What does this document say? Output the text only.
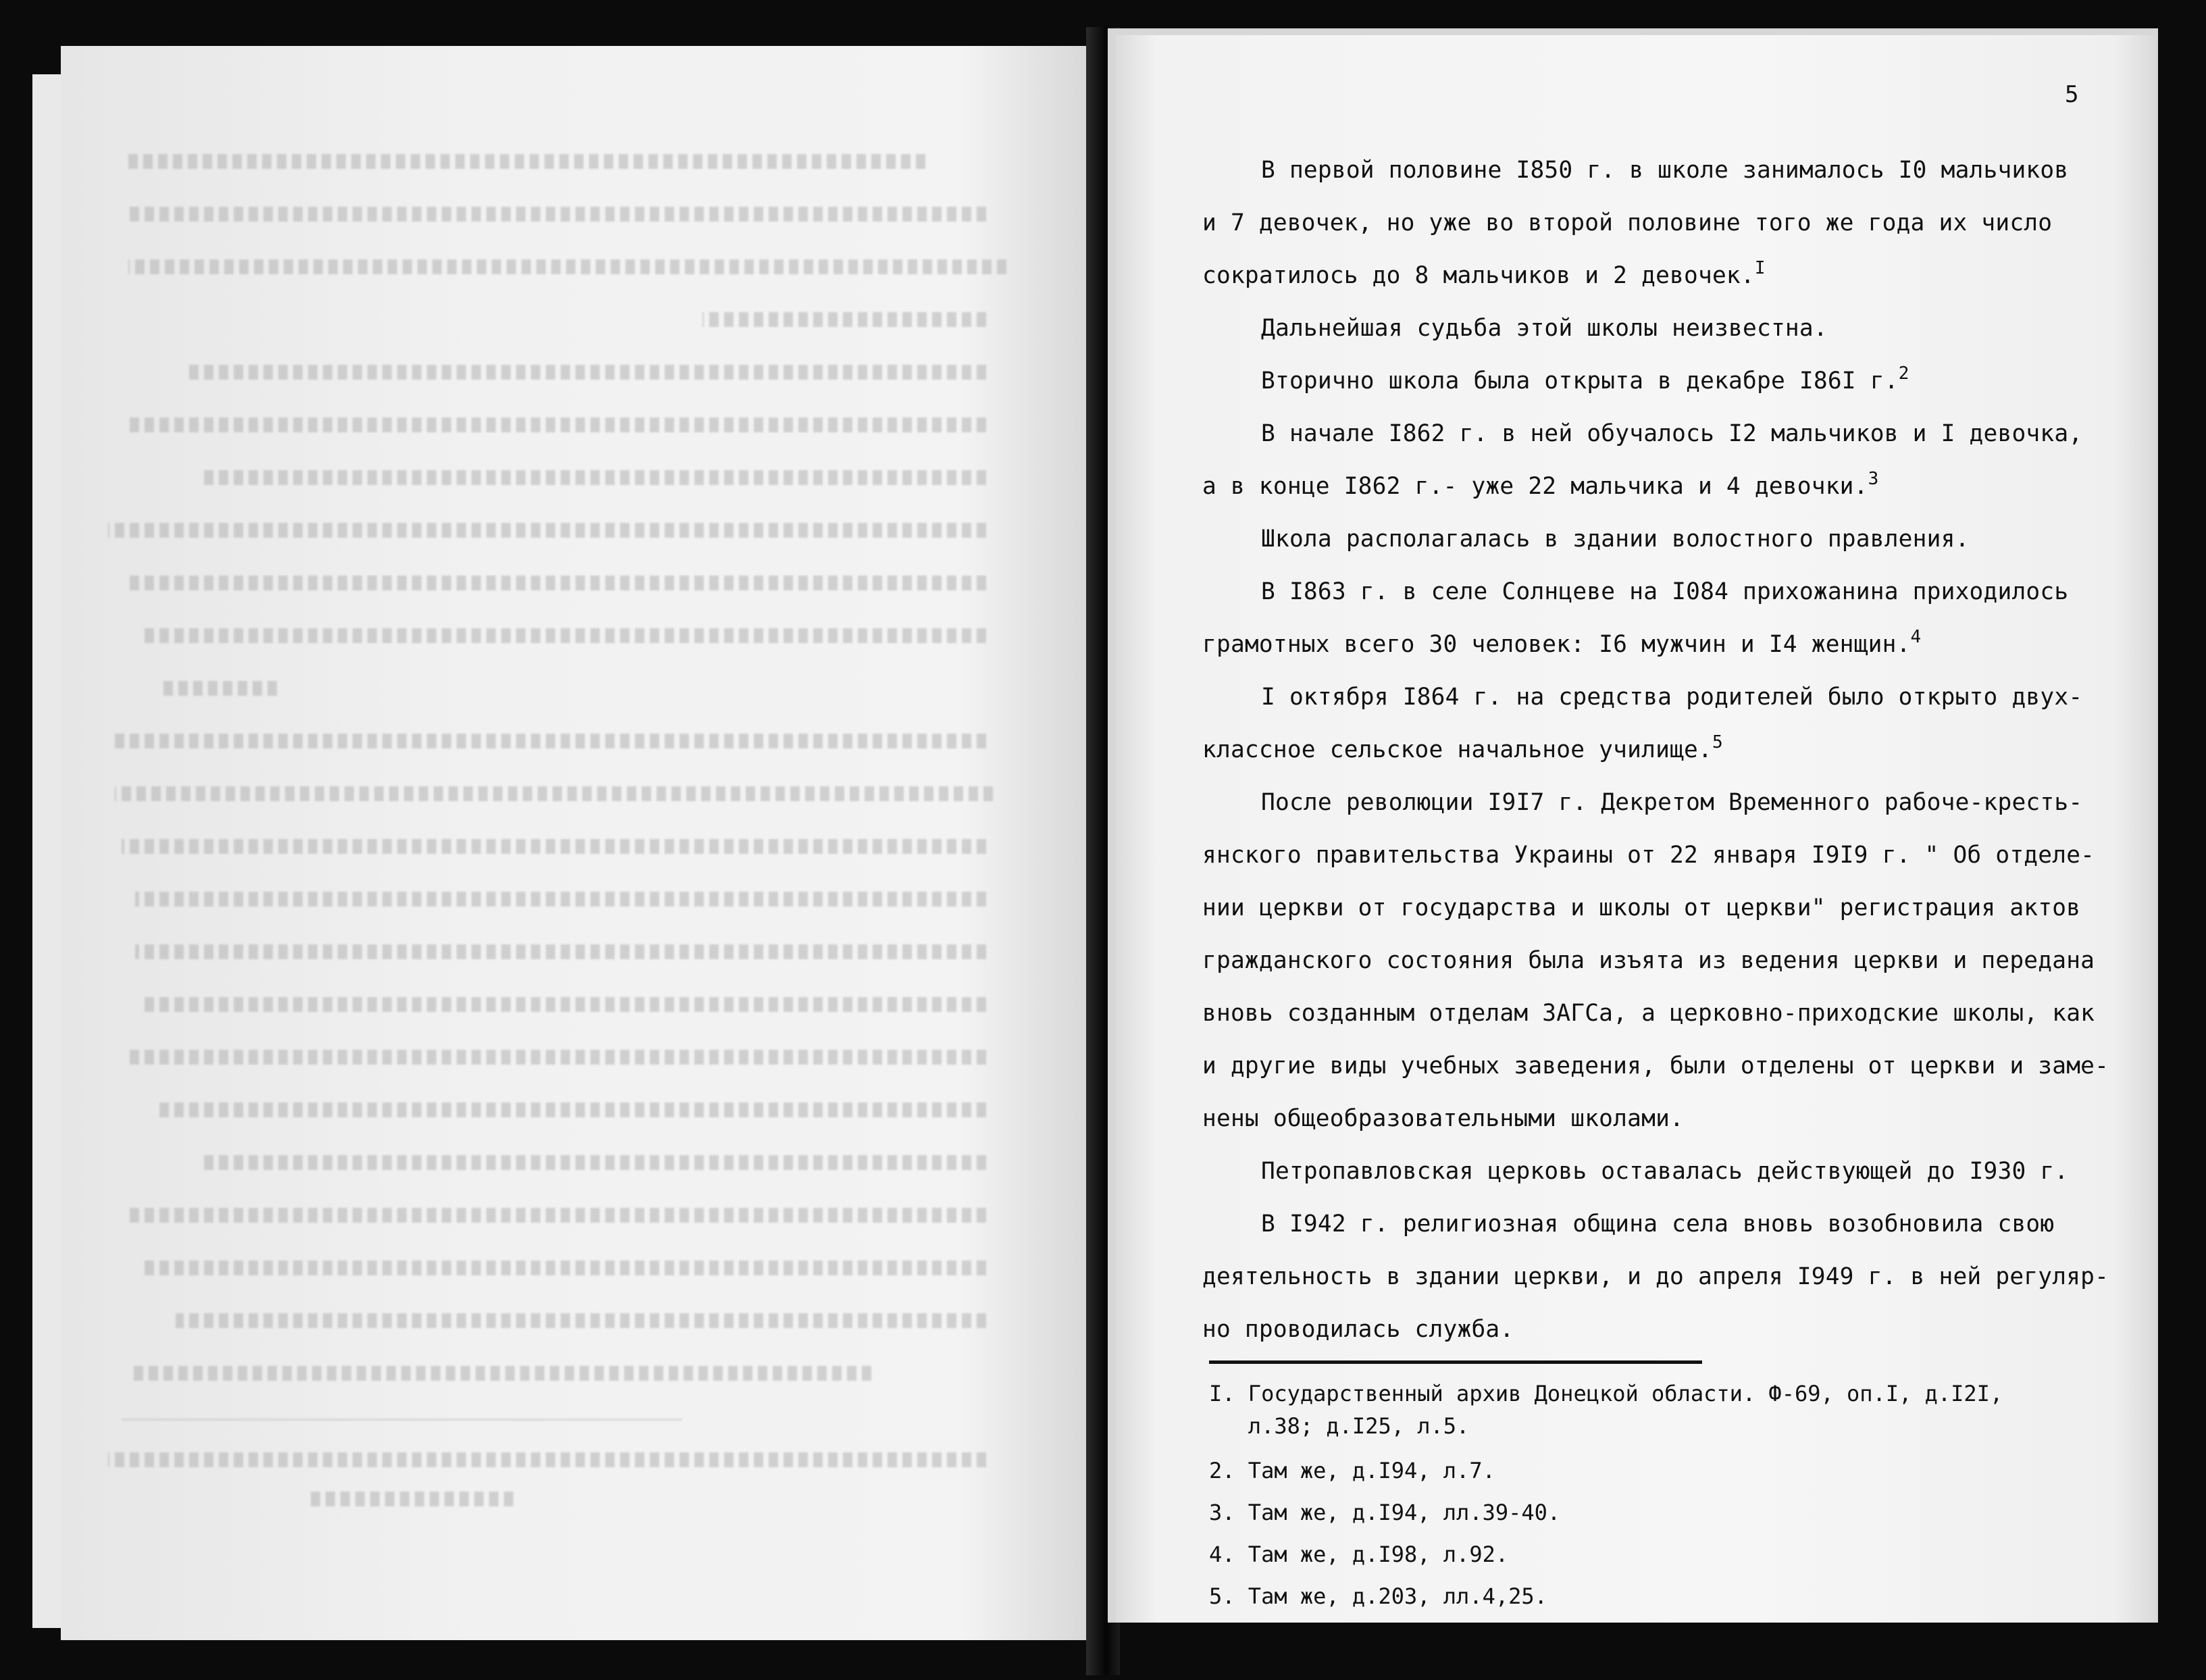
5
В первой половине I850 г. в школе занималось I0 мальчиков
и 7 девочек, но уже во второй половине того же года их число
сократилось до 8 мальчиков и 2 девочек.$^I$
Дальнейшая судьба этой школы неизвестна.
Вторично школа была открыта в декабре I86I г.$^2$
В начале I862 г. в ней обучалось I2 мальчиков и I девочка,
а в конце I862 г.- уже 22 мальчика и 4 девочки.$^3$
Школа располагалась в здании волостного правления.
В I863 г. в селе Солнцеве на I084 прихожанина приходилось
грамотных всего 30 человек: I6 мужчин и I4 женщин.$^4$
I октября I864 г. на средства родителей было открыто двух-
классное сельское начальное училище.$^5$
После революции I9I7 г. Декретом Временного рабоче-кресть-
янского правительства Украины от 22 января I9I9 г. " Об отделе-
нии церкви от государства и школы от церкви" регистрация актов
гражданского состояния была изъята из ведения церкви и передана
вновь созданным отделам ЗАГСа, а церковно-приходские школы, как
и другие виды учебных заведения, были отделены от церкви и заме-
нены общеобразовательными школами.
Петропавловская церковь оставалась действующей до I930 г.
В I942 г. религиозная община села вновь возобновила свою
деятельность в здании церкви, и до апреля I949 г. в ней регуляр-
но проводилась служба.
I. Государственный архив Донецкой области. Ф-69, оп.I, д.I2I,
л.38; д.I25, л.5.
2. Там же, д.I94, л.7.
3. Там же, д.I94, лл.39-40.
4. Там же, д.I98, л.92.
5. Там же, д.203, лл.4,25.
